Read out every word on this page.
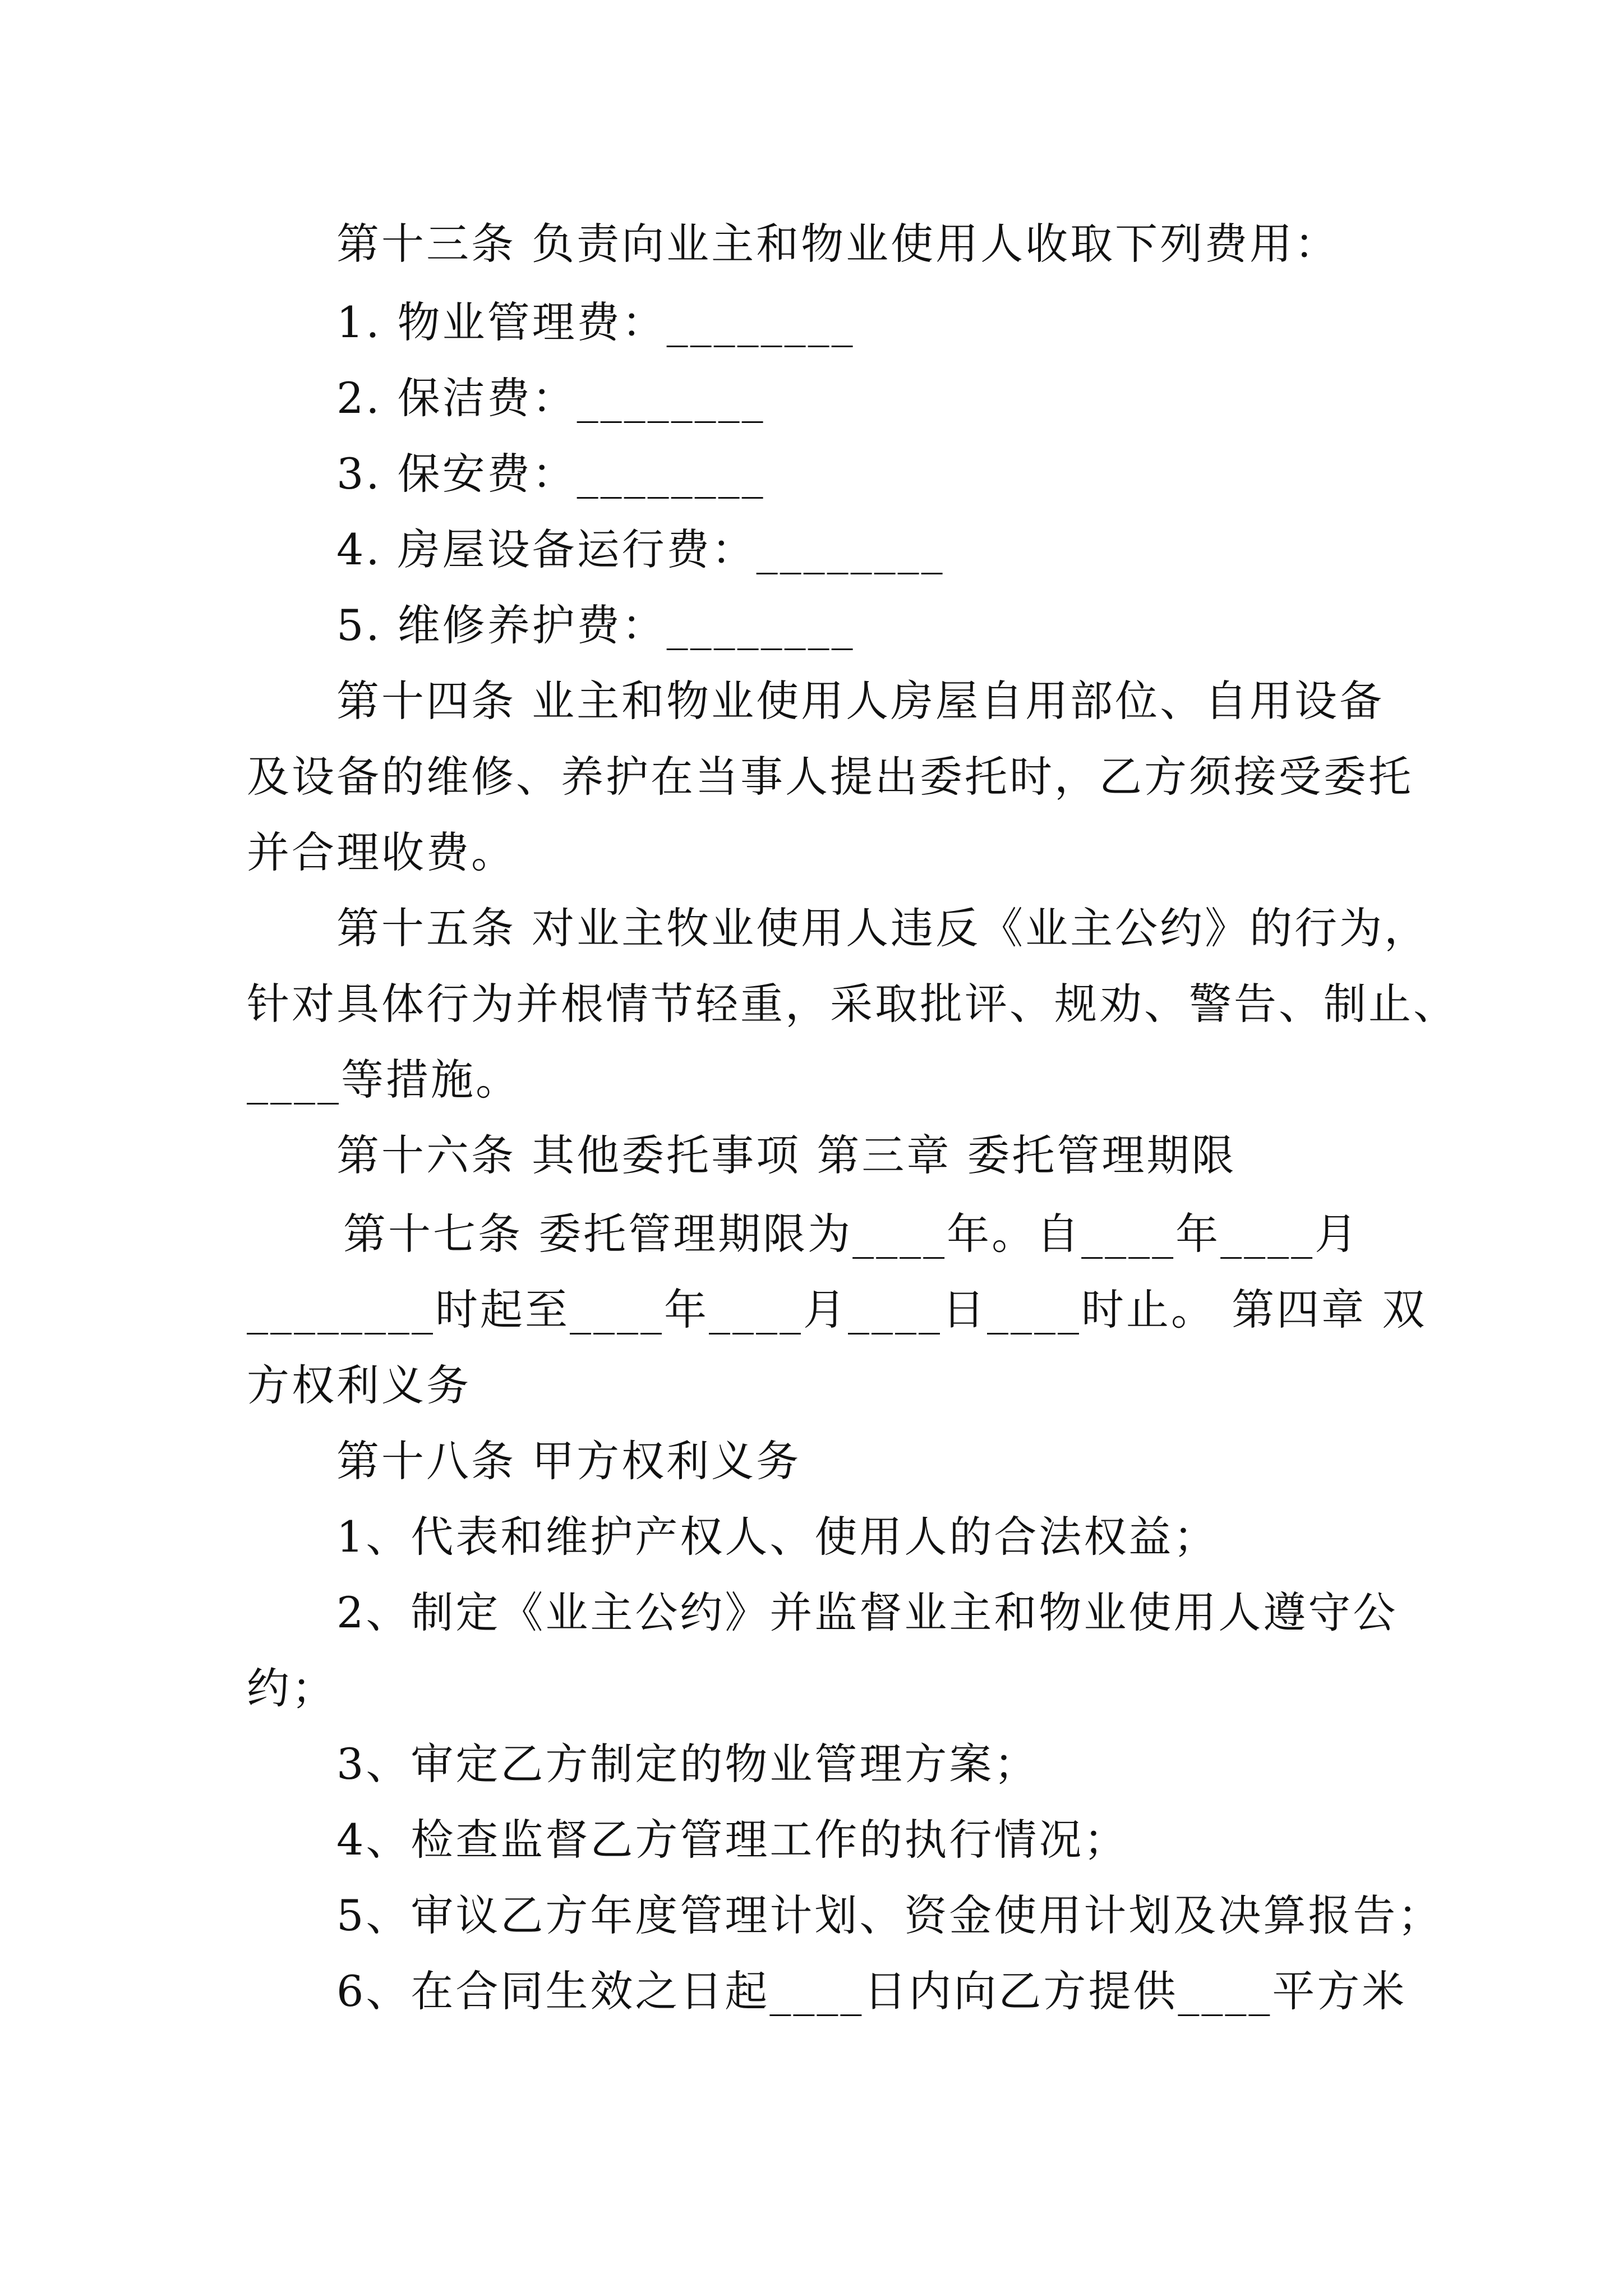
第十三条 负责向业主和物业使用人收取下列费用：
1. 物业管理费：________
2. 保洁费：________
3. 保安费：________
4. 房屋设备运行费：________
5. 维修养护费：________
第十四条 业主和物业使用人房屋自用部位、自用设备
及设备的维修、养护在当事人提出委托时，乙方须接受委托
并合理收费。
第十五条 对业主牧业使用人违反《业主公约》的行为，
针对具体行为并根情节轻重，采取批评、规劝、警告、制止、
____等措施。
第十六条 其他委托事项 第三章 委托管理期限
第十七条 委托管理期限为____年。自____年____月
________时起至____年____月____日____时止。 第四章 双
方权利义务
第十八条 甲方权利义务
1、代表和维护产权人、使用人的合法权益；
2、制定《业主公约》并监督业主和物业使用人遵守公
约；
3、审定乙方制定的物业管理方案；
4、检查监督乙方管理工作的执行情况；
5、审议乙方年度管理计划、资金使用计划及决算报告；
6、在合同生效之日起____日内向乙方提供____平方米
